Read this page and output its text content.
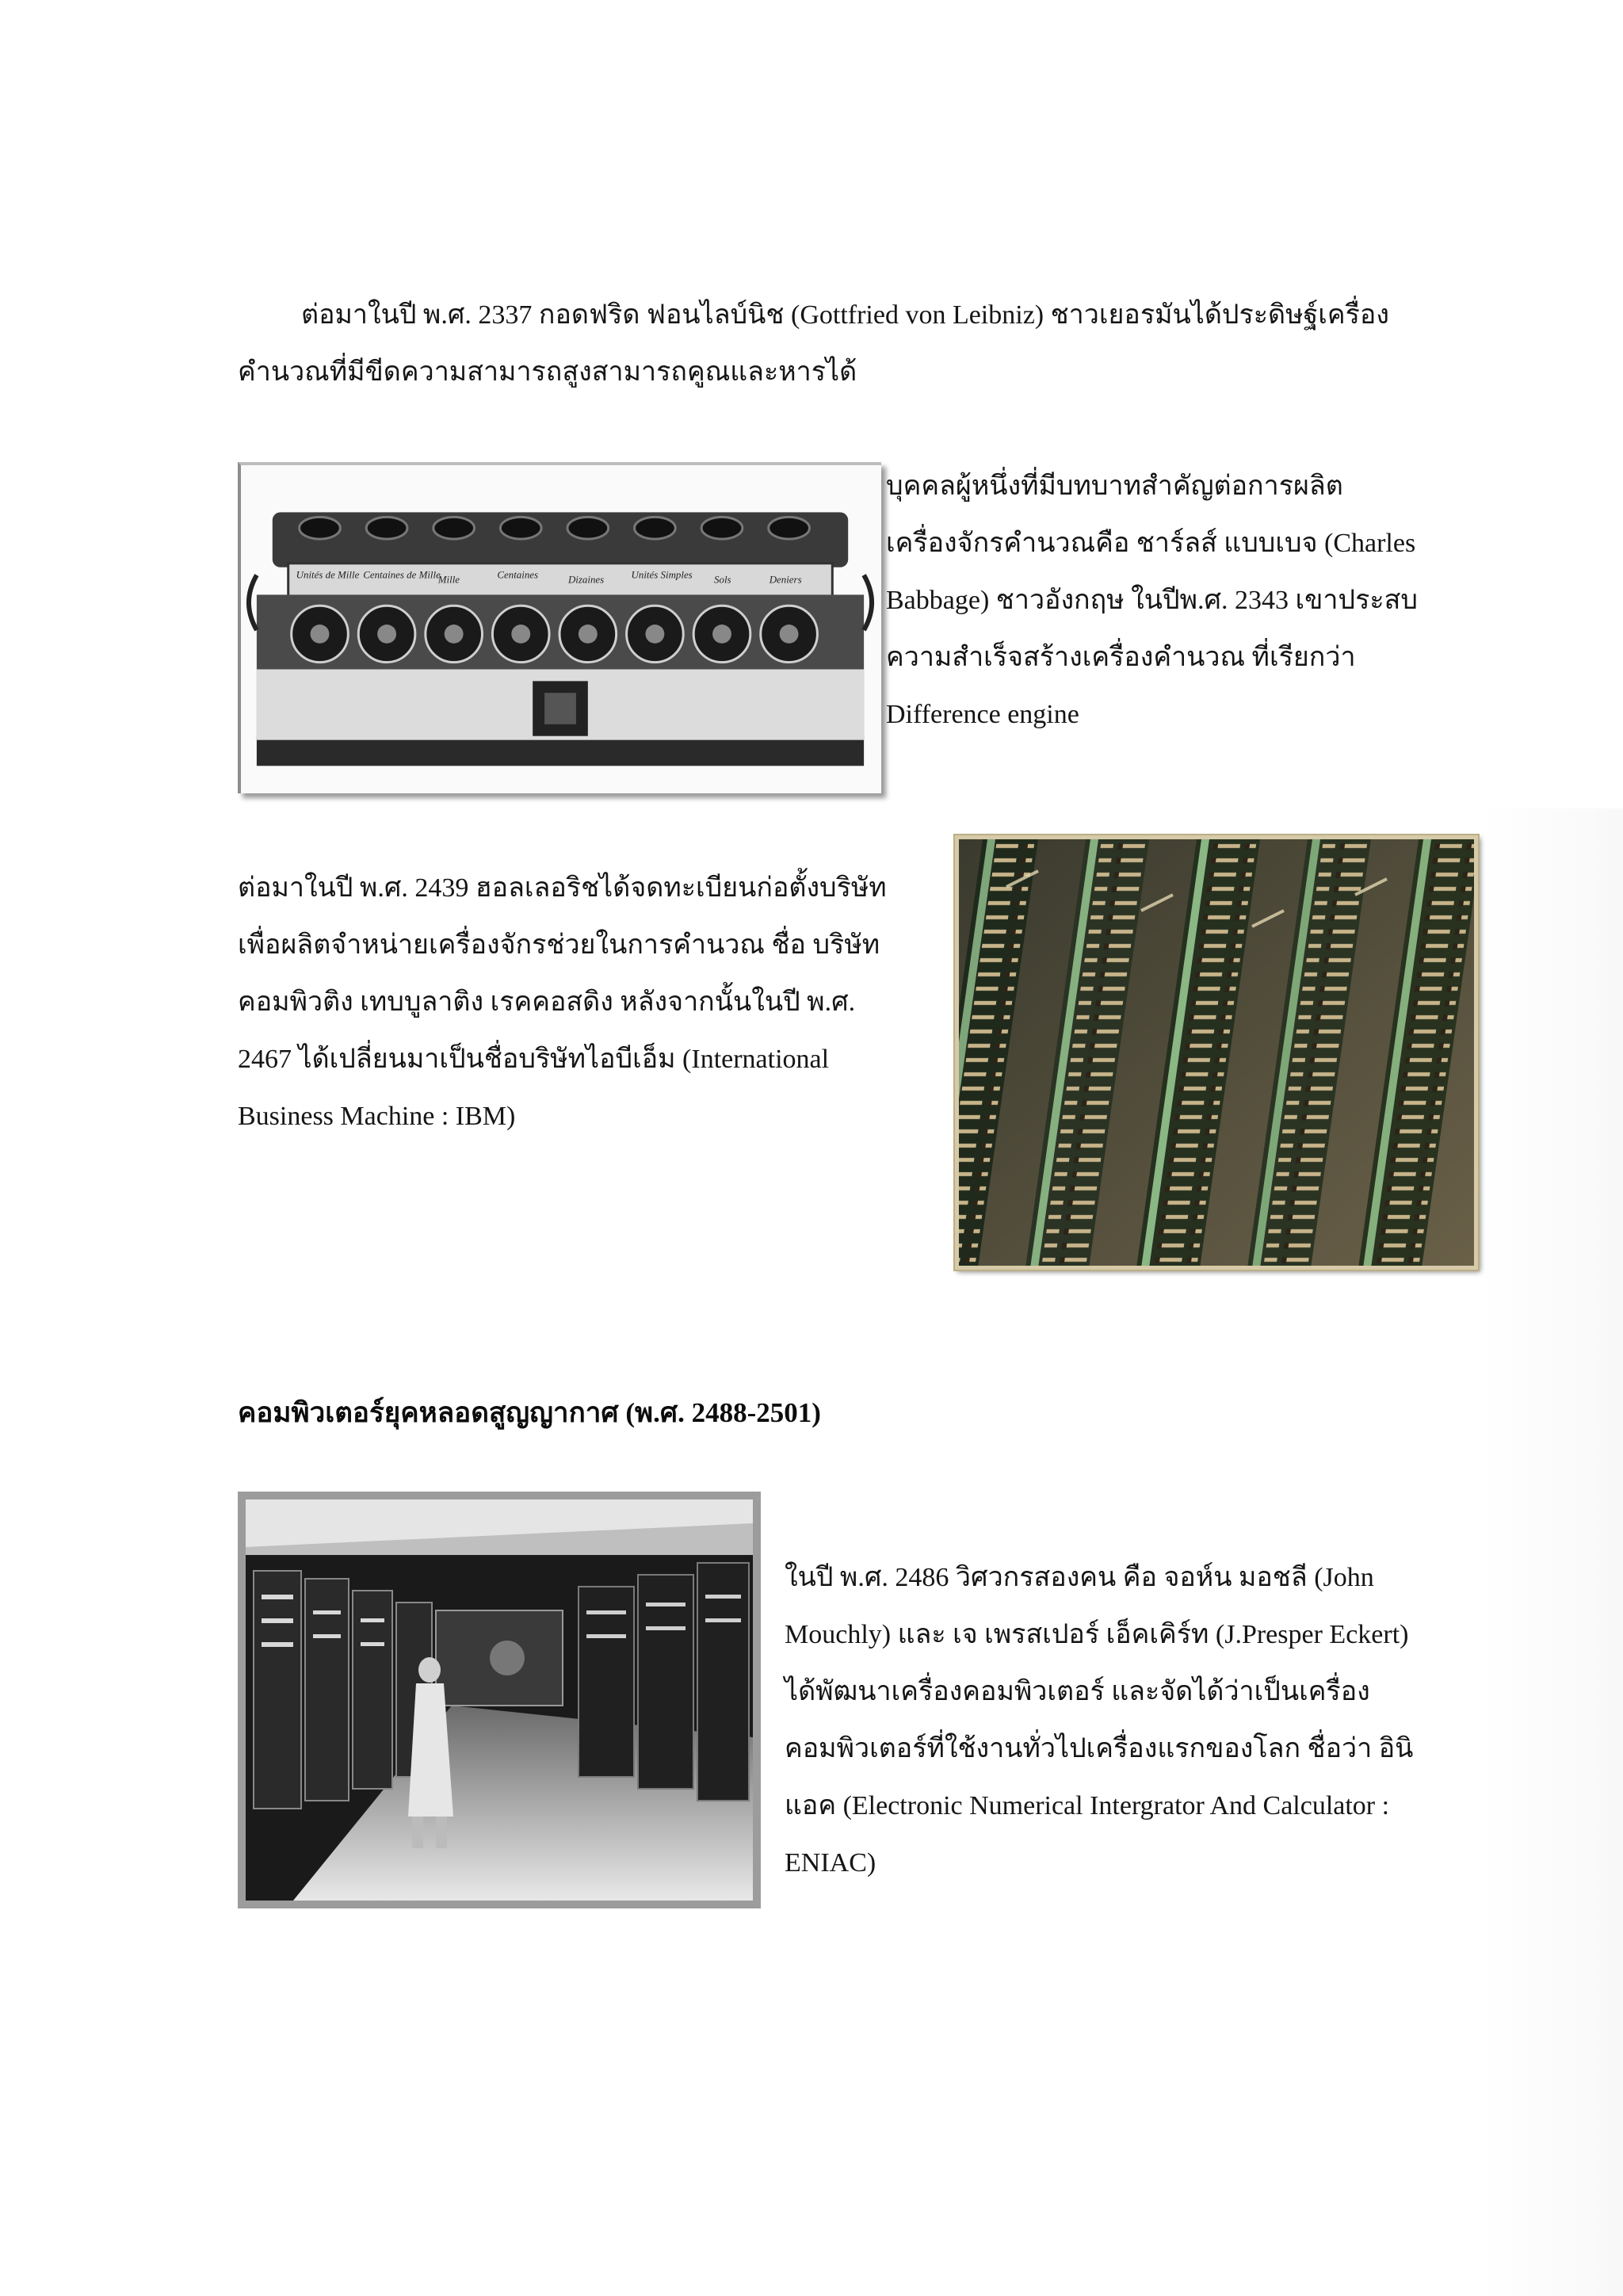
ต่อมาในปี พ.ศ. 2337 กอดฟริด ฟอนไลบ์นิช (Gottfried von Leibniz) ชาวเยอรมันได้ประดิษฐ์เครื่อง
คำนวณที่มีขีดความสามารถสูงสามารถคูณและหารได้
Unités de Mille Centaines de Mille
Mille	Centaines	Dizaines	Unités Simples Sols	Deniers
บุคคลผู้หนึ่งที่มีบทบาทสำคัญต่อการผลิต
เครื่องจักรคำนวณคือ ชาร์ลส์ แบบเบจ (Charles
Babbage) ชาวอังกฤษ ในปีพ.ศ. 2343 เขาประสบ
ความสำเร็จสร้างเครื่องคำนวณ ที่เรียกว่า
Difference engine
ต่อมาในปี พ.ศ. 2439 ฮอลเลอริชได้จดทะเบียนก่อตั้งบริษัท
เพื่อผลิตจำหน่ายเครื่องจักรช่วยในการคำนวณ ชื่อ บริษัท
คอมพิวติง เทบบูลาติง เรคคอสดิง หลังจากนั้นในปี พ.ศ.
2467 ได้เปลี่ยนมาเป็นชื่อบริษัทไอบีเอ็ม (International
Business Machine : IBM)
คอมพิวเตอร์ยุคหลอดสูญญากาศ (พ.ศ. 2488-2501)
ในปี พ.ศ. 2486 วิศวกรสองคน คือ จอห์น มอชลี (John
Mouchly) และ เจ เพรสเปอร์ เอ็คเคิร์ท (J.Presper Eckert)
ได้พัฒนาเครื่องคอมพิวเตอร์ และจัดได้ว่าเป็นเครื่อง
คอมพิวเตอร์ที่ใช้งานทั่วไปเครื่องแรกของโลก ชื่อว่า อินิ
แอค (Electronic Numerical Intergrator And Calculator :
ENIAC)
